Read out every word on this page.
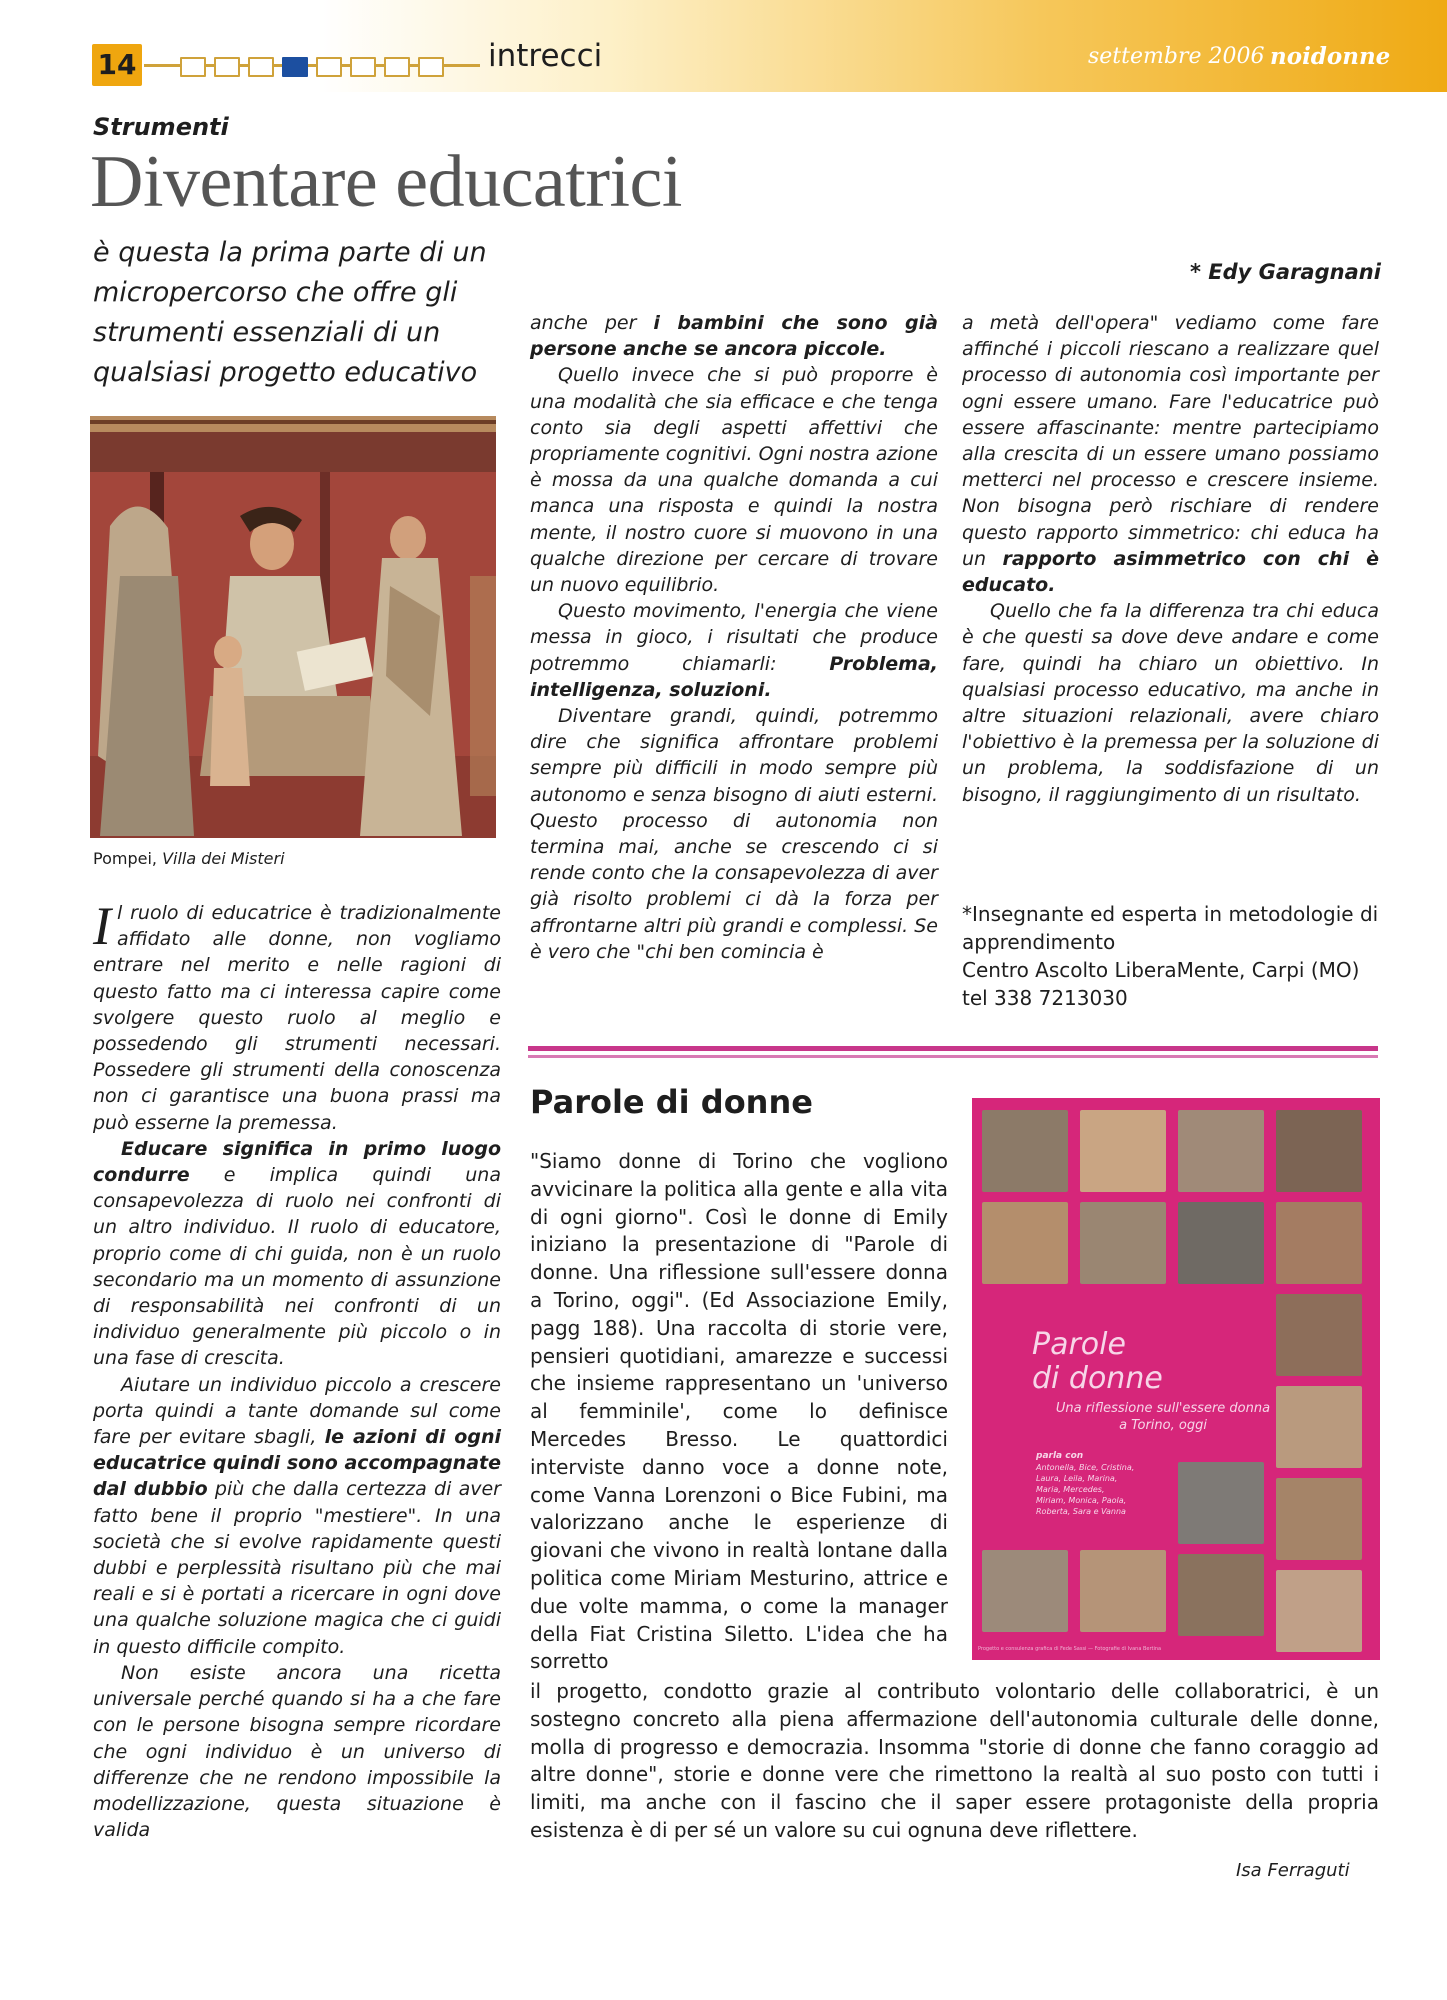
14	intrecci	settembre 2006 noidonne
Strumenti
Diventare educatrici
è questa la prima parte di un micropercorso che offre gli strumenti essenziali di un qualsiasi progetto educativo
* Edy Garagnani
Pompei, Villa dei Misteri

Il ruolo di educatrice è tradizionalmente affidato alle donne, non vogliamo entrare nel merito e nelle ragioni di questo fatto ma ci interessa capire come svolgere questo ruolo al meglio e possedendo gli strumenti necessari. Possedere gli strumenti della conoscenza non ci garantisce una buona prassi ma può esserne la premessa.

Educare significa in primo luogo condurre e implica quindi una consapevolezza di ruolo nei confronti di un altro individuo. Il ruolo di educatore, proprio come di chi guida, non è un ruolo secondario ma un momento di assunzione di responsabilità nei confronti di un individuo generalmente più piccolo o in una fase di crescita.

Aiutare un individuo piccolo a crescere porta quindi a tante domande sul come fare per evitare sbagli, le azioni di ogni educatrice quindi sono accompagnate dal dubbio più che dalla certezza di aver fatto bene il proprio "mestiere". In una società che si evolve rapidamente questi dubbi e perplessità risultano più che mai reali e si è portati a ricercare in ogni dove una qualche soluzione magica che ci guidi in questo difficile compito.

Non esiste ancora una ricetta universale perché quando si ha a che fare con le persone bisogna sempre ricordare che ogni individuo è un universo di differenze che ne rendono impossibile la modellizzazione, questa situazione è valida

anche per i bambini che sono già persone anche se ancora piccole.

Quello invece che si può proporre è una modalità che sia efficace e che tenga conto sia degli aspetti affettivi che propriamente cognitivi. Ogni nostra azione è mossa da una qualche domanda a cui manca una risposta e quindi la nostra mente, il nostro cuore si muovono in una qualche direzione per cercare di trovare un nuovo equilibrio.

Questo movimento, l'energia che viene messa in gioco, i risultati che produce potremmo chiamarli: Problema, intelligenza, soluzioni.

Diventare grandi, quindi, potremmo dire che significa affrontare problemi sempre più difficili in modo sempre più autonomo e senza bisogno di aiuti esterni. Questo processo di autonomia non termina mai, anche se crescendo ci si rende conto che la consapevolezza di aver già risolto problemi ci dà la forza per affrontarne altri più grandi e complessi. Se è vero che "chi ben comincia è

a metà dell'opera" vediamo come fare affinché i piccoli riescano a realizzare quel processo di autonomia così importante per ogni essere umano. Fare l'educatrice può essere affascinante: mentre partecipiamo alla crescita di un essere umano possiamo metterci nel processo e crescere insieme. Non bisogna però rischiare di rendere questo rapporto simmetrico: chi educa ha un rapporto asimmetrico con chi è educato.

Quello che fa la differenza tra chi educa è che questi sa dove deve andare e come fare, quindi ha chiaro un obiettivo. In qualsiasi processo educativo, ma anche in altre situazioni relazionali, avere chiaro l'obiettivo è la premessa per la soluzione di un problema, la soddisfazione di un bisogno, il raggiungimento di un risultato.

*Insegnante ed esperta in metodologie di apprendimento
Centro Ascolto LiberaMente, Carpi (MO) tel 338 7213030
Parole di donne
"Siamo donne di Torino che vogliono avvicinare la politica alla gente e alla vita di ogni giorno". Così le donne di Emily iniziano la presentazione di "Parole di donne. Una riflessione sull'essere donna a Torino, oggi". (Ed Associazione Emily, pagg 188). Una raccolta di storie vere, pensieri quotidiani, amarezze e successi che insieme rappresentano un 'universo al femminile', come lo definisce Mercedes Bresso. Le quattordici interviste danno voce a donne note, come Vanna Lorenzoni o Bice Fubini, ma valorizzano anche le esperienze di giovani che vivono in realtà lontane dalla politica come Miriam Mesturino, attrice e due volte mamma, o come la manager della Fiat Cristina Siletto. L'idea che ha sorretto
il progetto, condotto grazie al contributo volontario delle collaboratrici, è un sostegno concreto alla piena affermazione dell'autonomia culturale delle donne, molla di progresso e democrazia. Insomma "storie di donne che fanno coraggio ad altre donne", storie e donne vere che rimettono la realtà al suo posto con tutti i limiti, ma anche con il fascino che il saper essere protagoniste della propria esistenza è di per sé un valore su cui ognuna deve riflettere.
Isa Ferraguti
Parole
di donne
Una riflessione sull'essere donna
a Torino, oggi
parla con
Antonella, Bice, Cristina, Laura, Leila, Marina, Maria, Mercedes, Miriam, Monica, Paola, Roberta, Sara e Vanna
Progetto e consulenza grafica di Fede Sassi — Fotografie di Ivana Bertina
